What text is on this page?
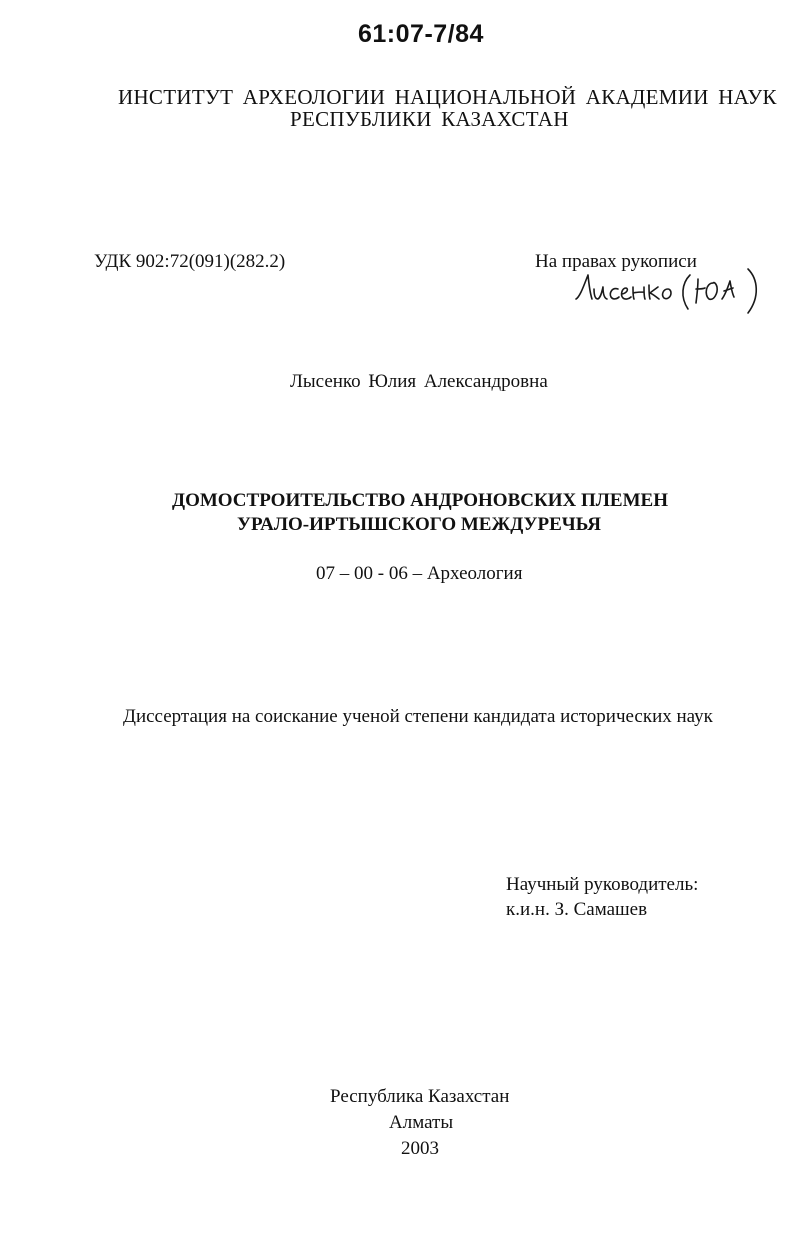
61:07-7/84
ИНСТИТУТ АРХЕОЛОГИИ НАЦИОНАЛЬНОЙ АКАДЕМИИ НАУК
РЕСПУБЛИКИ КАЗАХСТАН
УДК 902:72(091)(282.2)	На правах рукописи
Лысенко Юлия Александровна
ДОМОСТРОИТЕЛЬСТВО АНДРОНОВСКИХ ПЛЕМЕН
УРАЛО-ИРТЫШСКОГО МЕЖДУРЕЧЬЯ
07 – 00 - 06 – Археология
Диссертация на соискание ученой степени кандидата исторических наук
Научный руководитель:
к.и.н. З. Самашев
Республика Казахстан
Алматы
2003
